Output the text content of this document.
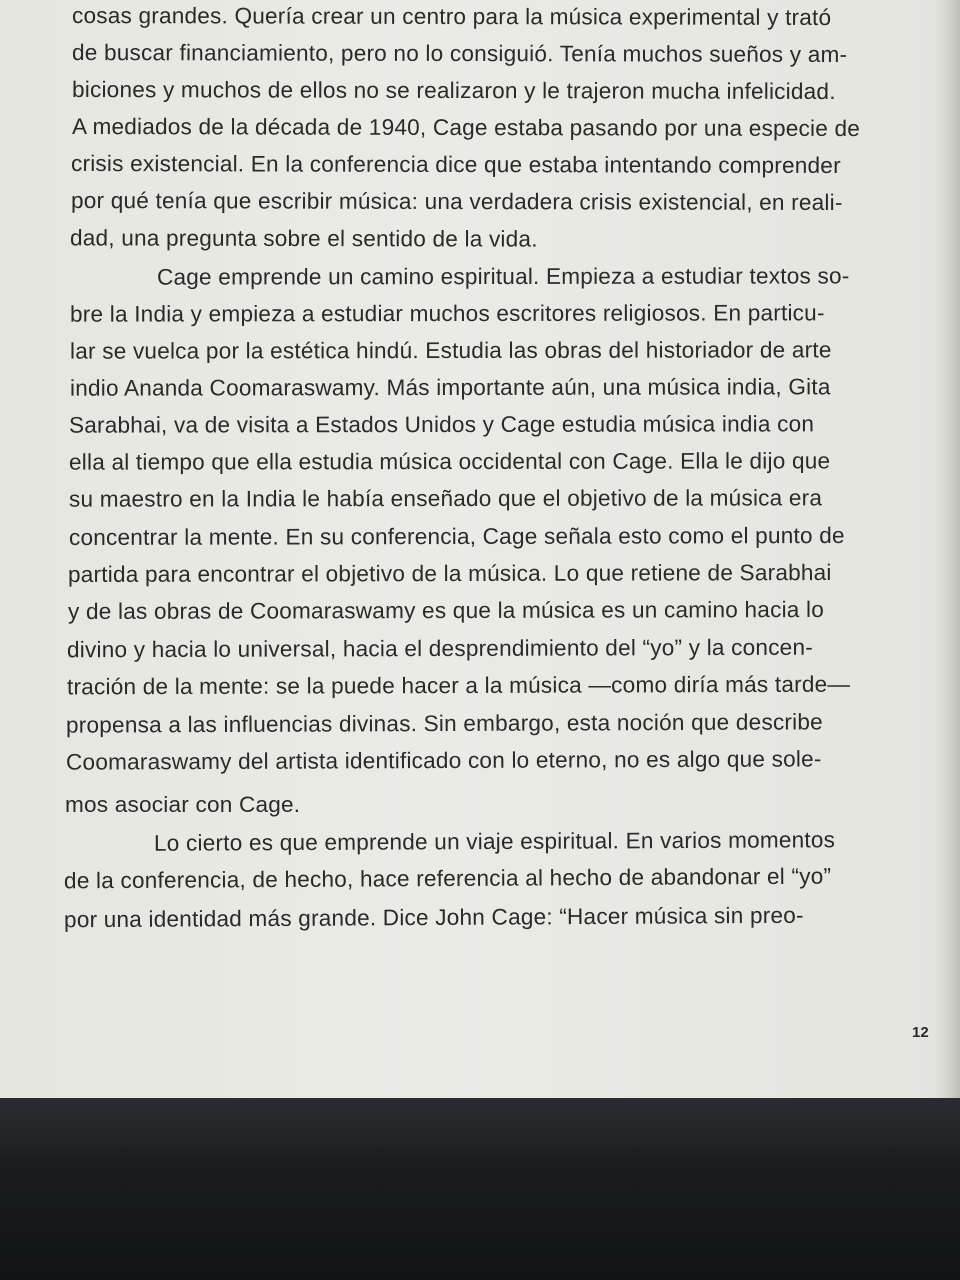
cosas grandes. Quería crear un centro para la música experimental y trató
de buscar financiamiento, pero no lo consiguió. Tenía muchos sueños y am-
biciones y muchos de ellos no se realizaron y le trajeron mucha infelicidad.
A mediados de la década de 1940, Cage estaba pasando por una especie de
crisis existencial. En la conferencia dice que estaba intentando comprender
por qué tenía que escribir música: una verdadera crisis existencial, en reali-
dad, una pregunta sobre el sentido de la vida.
Cage emprende un camino espiritual. Empieza a estudiar textos so-
bre la India y empieza a estudiar muchos escritores religiosos. En particu-
lar se vuelca por la estética hindú. Estudia las obras del historiador de arte
indio Ananda Coomaraswamy. Más importante aún, una música india, Gita
Sarabhai, va de visita a Estados Unidos y Cage estudia música india con
ella al tiempo que ella estudia música occidental con Cage. Ella le dijo que
su maestro en la India le había enseñado que el objetivo de la música era
concentrar la mente. En su conferencia, Cage señala esto como el punto de
partida para encontrar el objetivo de la música. Lo que retiene de Sarabhai
y de las obras de Coomaraswamy es que la música es un camino hacia lo
divino y hacia lo universal, hacia el desprendimiento del “yo” y la concen-
tración de la mente: se la puede hacer a la música —como diría más tarde—
propensa a las influencias divinas. Sin embargo, esta noción que describe
Coomaraswamy del artista identificado con lo eterno, no es algo que sole-
mos asociar con Cage.
Lo cierto es que emprende un viaje espiritual. En varios momentos
de la conferencia, de hecho, hace referencia al hecho de abandonar el “yo”
por una identidad más grande. Dice John Cage: “Hacer música sin preo-
12
